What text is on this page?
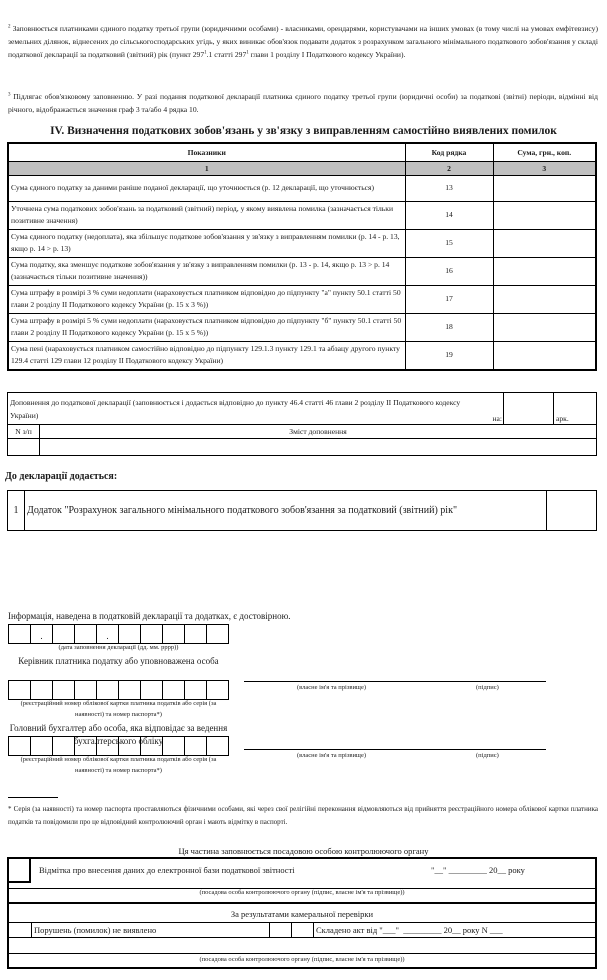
$^2$ Заповнюється платниками єдиного податку третьої групи (юридичними особами) - власниками, орендарями, користувачами на інших умовах (в тому числі на умовах емфітевзису) земельних ділянок, віднесених до сільськогосподарських угідь, у яких виникає обов'язок подавати додаток з розрахунком загального мінімального податкового зобов'язання у складі податкової декларації за податковий (звітний) рік (пункт $297^1.1$ статті $297^1$ глави 1 розділу І Податкового кодексу України).
$^3$ Підлягає обов'язковому заповненню. У разі подання податкової декларації платника єдиного податку третьої групи (юридичні особи) за податкові (звітні) періоди, відмінні від річного, відображається значення граф 3 та/або 4 рядка 10.
IV. Визначення податкових зобов'язань у зв'язку з виправленням самостійно виявлених помилок
Показники	Код рядка	Сума, грн., коп.
1	2	3
Сума єдиного податку за даними раніше поданої декларації, що уточнюється (р. 12 декларації, що уточнюється)	13	
Уточнена сума податкових зобов'язань за податковий (звітний) період, у якому виявлена помилка (зазначається тільки позитивне значення)	14	
Сума єдиного податку (недоплата), яка збільшує податкове зобов'язання у зв'язку з виправленням помилки (р. 14 - р. 13, якщо р. 14 > р. 13)	15	
Сума податку, яка зменшує податкове зобов'язання у зв'язку з виправленням помилки (р. 13 - р. 14, якщо р. 13 > р. 14 (зазначається тільки позитивне значення))	16	
Сума штрафу в розмірі 3 % суми недоплати (нараховується платником відповідно до підпункту "а" пункту 50.1 статті 50 глави 2 розділу ІІ Податкового кодексу України (р. 15 х 3 %))	17	
Сума штрафу в розмірі 5 % суми недоплати (нараховується платником відповідно до підпункту "б" пункту 50.1 статті 50 глави 2 розділу ІІ Податкового кодексу України (р. 15 х 5 %))	18	
Сума пені (нараховується платником самостійно відповідно до підпункту 129.1.3 пункту 129.1 та абзацу другого пункту 129.4 статті 129 глави 12 розділу ІІ Податкового кодексу України)	19	
Доповнення до податкової декларації (заповнюється і додається відповідно до пункту 46.4 статті 46 глави 2 розділу ІІ Податкового кодексу України)		на:		арк.
N з/п	Зміст доповнення			

До декларації додається:
1	Додаток "Розрахунок загального мінімального податкового зобов'язання за податковий (звітний) рік"	
Інформація, наведена в податковій декларації та додатках, є достовірною.
.	.
(дата заповнення декларації (дд. мм. рррр))
Керівник платника податку або уповноважена особа
(реєстраційний номер облікової картки платника податків або серія (за наявності) та номер паспорта*)
(власне ім'я та прізвище)	(підпис)
Головний бухгалтер або особа, яка відповідає за ведення бухгалтерського обліку
(реєстраційний номер облікової картки платника податків або серія (за наявності) та номер паспорта*)
(власне ім'я та прізвище)	(підпис)
* Серія (за наявності) та номер паспорта проставляються фізичними особами, які через свої релігійні переконання відмовляються від прийняття реєстраційного номера облікової картки платника податків та повідомили про це відповідний контролюючий орган і мають відмітку в паспорті.
Ця частина заповнюється посадовою особою контролюючого органу
Відмітка про внесення даних до електронної бази податкової звітності	"__" _________ 20__ року
(посадова особа контролюючого органу (підпис, власне ім'я та прізвище))
За результатами камеральної перевірки
Порушень (помилок) не виявлено	Складено акт від "___"  _________ 20__ року N ___
(посадова особа контролюючого органу (підпис, власне ім'я та прізвище))
